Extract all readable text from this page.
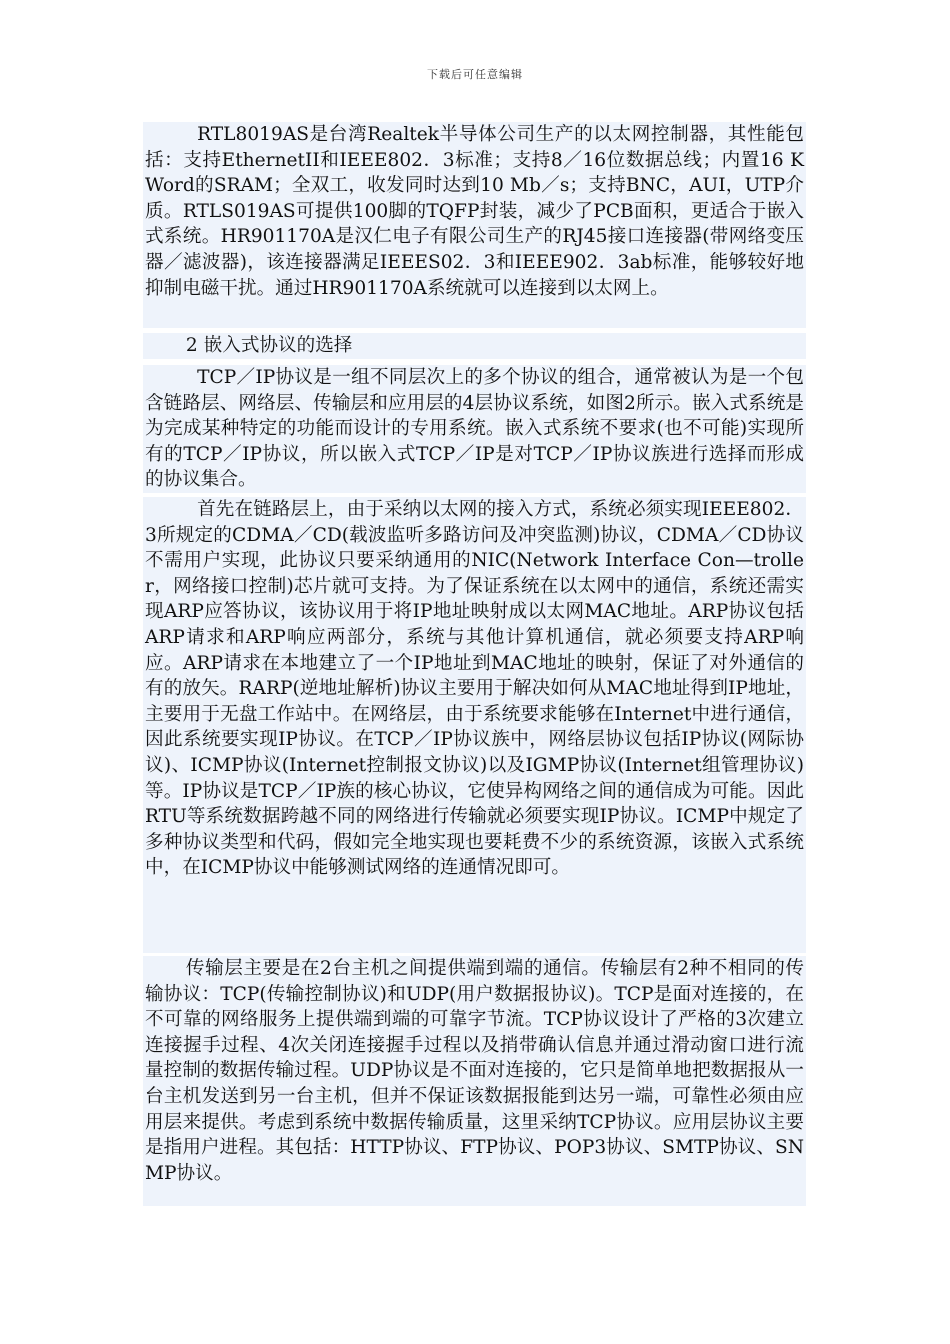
下载后可任意编辑

RTL8019AS是台湾Realtek半导体公司生产的以太网控制器，其性能包括：支持EthernetII和IEEE802．3标准；支持8／16位数据总线；内置16 KWord的SRAM；全双工，收发同时达到10 Mb／s；支持BNC，AUI，UTP介质。RTLS019AS可提供100脚的TQFP封装，减少了PCB面积，更适合于嵌入式系统。HR901170A是汉仁电子有限公司生产的RJ45接口连接器(带网络变压器／滤波器)，该连接器满足IEEES02．3和IEEE902．3ab标准，能够较好地抑制电磁干扰。通过HR901170A系统就可以连接到以太网上。

2 嵌入式协议的选择

TCP／IP协议是一组不同层次上的多个协议的组合，通常被认为是一个包含链路层、网络层、传输层和应用层的4层协议系统，如图2所示。嵌入式系统是为完成某种特定的功能而设计的专用系统。嵌入式系统不要求(也不可能)实现所有的TCP／IP协议，所以嵌入式TCP／IP是对TCP／IP协议族进行选择而形成的协议集合。

首先在链路层上，由于采纳以太网的接入方式，系统必须实现IEEE802．3所规定的CDMA／CD(载波监听多路访问及冲突监测)协议，CDMA／CD协议不需用户实现，此协议只要采纳通用的NIC(Network Interface Con—troller，网络接口控制)芯片就可支持。为了保证系统在以太网中的通信，系统还需实现ARP应答协议，该协议用于将IP地址映射成以太网MAC地址。ARP协议包括ARP请求和ARP响应两部分，系统与其他计算机通信，就必须要支持ARP响应。ARP请求在本地建立了一个IP地址到MAC地址的映射，保证了对外通信的有的放矢。RARP(逆地址解析)协议主要用于解决如何从MAC地址得到IP地址，主要用于无盘工作站中。在网络层，由于系统要求能够在Internet中进行通信，因此系统要实现IP协议。在TCP／IP协议族中，网络层协议包括IP协议(网际协议)、ICMP协议(Internet控制报文协议)以及IGMP协议(Internet组管理协议)等。IP协议是TCP／IP族的核心协议，它使异构网络之间的通信成为可能。因此RTU等系统数据跨越不同的网络进行传输就必须要实现IP协议。ICMP中规定了多种协议类型和代码，假如完全地实现也要耗费不少的系统资源，该嵌入式系统中，在ICMP协议中能够测试网络的连通情况即可。

传输层主要是在2台主机之间提供端到端的通信。传输层有2种不相同的传输协议：TCP(传输控制协议)和UDP(用户数据报协议)。TCP是面对连接的，在不可靠的网络服务上提供端到端的可靠字节流。TCP协议设计了严格的3次建立连接握手过程、4次关闭连接握手过程以及捎带确认信息并通过滑动窗口进行流量控制的数据传输过程。UDP协议是不面对连接的，它只是简单地把数据报从一台主机发送到另一台主机，但并不保证该数据报能到达另一端，可靠性必须由应用层来提供。考虑到系统中数据传输质量，这里采纳TCP协议。应用层协议主要是指用户进程。其包括：HTTP协议、FTP协议、POP3协议、SMTP协议、SNMP协议。
